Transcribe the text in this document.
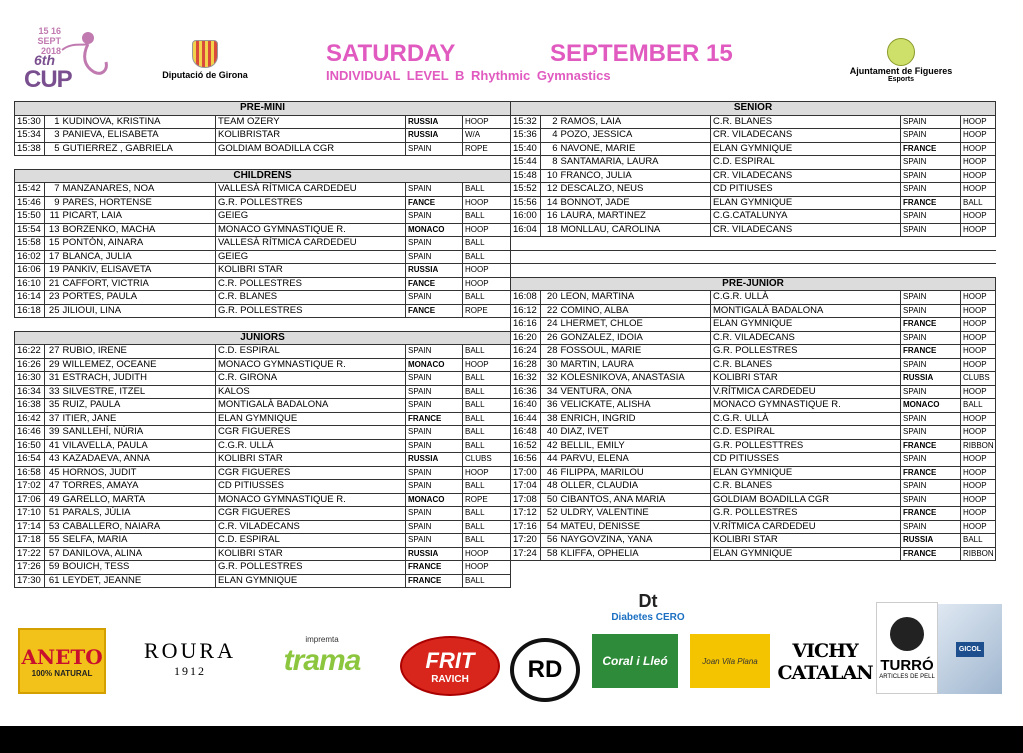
15 16 SEPT 2018
6th
CUP	Diputació de Girona
SATURDAY	SEPTEMBER 15
INDIVIDUAL LEVEL B Rhythmic Gymnastics	Ajuntament de Figueres
Esports
PRE-MINI					
15:30	1	KUDINOVA, KRISTINA	TEAM OZERY	RUSSIA	HOOP
15:34	3	PANIEVA, ELISABETA	KOLIBRISTAR	RUSSIA	W/A
15:38	5	GUTIERREZ , GABRIELA	GOLDIAM BOADILLA CGR	SPAIN	ROPE

CHILDRENS					
15:42	7	MANZANARES, NOA	VALLESÀ RÍTMICA CARDEDEU	SPAIN	BALL
15:46	9	PARES, HORTENSE	G.R. POLLESTRES	FANCE	HOOP
15:50	11	PICART, LAIA	GEIEG	SPAIN	BALL
15:54	13	BORZENKO, MACHA	MONACO GYMNASTIQUE R.	MONACO	HOOP
15:58	15	PONTÓN, AINARA	VALLESÀ RÍTMICA CARDEDEU	SPAIN	BALL
16:02	17	BLANCA, JULIA	GEIEG	SPAIN	BALL
16:06	19	PANKIV, ELISAVETA	KOLIBRI STAR	RUSSIA	HOOP
16:10	21	CAFFORT, VICTRIA	C.R. POLLESTRES	FANCE	HOOP
16:14	23	PORTES, PAULA	C.R. BLANES	SPAIN	BALL
16:18	25	JILIOUI, LINA	G.R. POLLESTRES	FANCE	ROPE

JUNIORS					
16:22	27	RUBIO, IRENE	C.D. ESPIRAL	SPAIN	BALL
16:26	29	WILLEMEZ, OCEANE	MONACO GYMNASTIQUE R.	MONACO	HOOP
16:30	31	ESTRACH, JUDITH	C.R. GIRONA	SPAIN	BALL
16:34	33	SILVESTRE, ITZEL	KALOS	SPAIN	BALL
16:38	35	RUIZ, PAULA	MONTIGALÀ BADALONA	SPAIN	BALL
16:42	37	ITIER, JANE	ELAN GYMNIQUE	FRANCE	BALL
16:46	39	SANLLEHÍ, NÚRIA	CGR FIGUERES	SPAIN	BALL
16:50	41	VILAVELLA, PAULA	C.G.R. ULLÀ	SPAIN	BALL
16:54	43	KAZADAEVA, ANNA	KOLIBRI STAR	RUSSIA	CLUBS
16:58	45	HORNOS, JUDIT	CGR FIGUERES	SPAIN	HOOP
17:02	47	TORRES, AMAYA	CD PITIUSSES	SPAIN	BALL
17:06	49	GARELLO, MARTA	MONACO GYMNASTIQUE R.	MONACO	ROPE
17:10	51	PARALS, JÚLIA	CGR FIGUERES	SPAIN	BALL
17:14	53	CABALLERO, NAIARA	C.R. VILADECANS	SPAIN	BALL
17:18	55	SELFA, MARIA	C.D. ESPIRAL	SPAIN	BALL
17:22	57	DANILOVA, ALINA	KOLIBRI STAR	RUSSIA	HOOP
17:26	59	BOUICH, TESS	G.R. POLLESTRES	FRANCE	HOOP
17:30	61	LEYDET, JEANNE	ELAN GYMNIQUE	FRANCE	BALL
SENIOR					
15:32	2	RAMOS, LAIA	C.R. BLANES	SPAIN	HOOP
15:36	4	POZO, JESSICA	CR. VILADECANS	SPAIN	HOOP
15:40	6	NAVONE, MARIE	ELAN GYMNIQUE	FRANCE	HOOP
15:44	8	SANTAMARIA, LAURA	C.D. ESPIRAL	SPAIN	HOOP
15:48	10	FRANCO, JULIA	CR. VILADECANS	SPAIN	HOOP
15:52	12	DESCALZO, NEUS	CD PITIUSES	SPAIN	HOOP
15:56	14	BONNOT, JADE	ELAN GYMNIQUE	FRANCE	BALL
16:00	16	LAURA, MARTINEZ	C.G.CATALUNYA	SPAIN	HOOP
16:04	18	MONLLAU, CAROLINA	CR. VILADECANS	SPAIN	HOOP

PRE-JUNIOR					
16:08	20	LEON, MARTINA	C.G.R. ULLÀ	SPAIN	HOOP
16:12	22	COMINO, ALBA	MONTIGALÀ BADALONA	SPAIN	HOOP
16:16	24	LHERMET, CHLOE	ELAN GYMNIQUE	FRANCE	HOOP
16:20	26	GONZALEZ, IDOIA	C.R. VILADECANS	SPAIN	HOOP
16:24	28	FOSSOUL, MARIE	G.R. POLLESTRES	FRANCE	HOOP
16:28	30	MARTIN, LAURA	C.R. BLANES	SPAIN	HOOP
16:32	32	KOLESNIKOVA, ANASTASIA	KOLIBRI STAR	RUSSIA	CLUBS
16:36	34	VENTURA, ONA	V.RÍTMICA CARDEDEU	SPAIN	HOOP
16:40	36	VELICKATE, ALISHA	MONACO GYMNASTIQUE R.	MONACO	BALL
16:44	38	ENRICH, INGRID	C.G.R. ULLÀ	SPAIN	HOOP
16:48	40	DIAZ, IVET	C.D. ESPIRAL	SPAIN	HOOP
16:52	42	BELLIL, EMILY	G.R. POLLESTTRES	FRANCE	RIBBON
16:56	44	PARVU, ELENA	CD PITIUSSES	SPAIN	HOOP
17:00	46	FILIPPA, MARILOU	ELAN GYMNIQUE	FRANCE	HOOP
17:04	48	OLLER, CLAUDIA	C.R. BLANES	SPAIN	HOOP
17:08	50	CIBANTOS, ANA MARIA	GOLDIAM BOADILLA CGR	SPAIN	HOOP
17:12	52	ULDRY, VALENTINE	G.R. POLLESTRES	FRANCE	HOOP
17:16	54	MATEU, DENISSE	V.RÍTMICA CARDEDEU	SPAIN	HOOP
17:20	56	NAYGOVZINA, YANA	KOLIBRI STAR	RUSSIA	BALL
17:24	58	KLIFFA, OPHELIA	ELAN GYMNIQUE	FRANCE	RIBBON
ANETO
100% NATURAL
ROURA
1912
impremta
trama	FRIT
RAVICH	RD
Dt
Diabetes CERO
Coral i Lleó	Joan Vila Plana	VICHY
CATALAN TURRÓ
ARTICLES DE PELL
GICOL
